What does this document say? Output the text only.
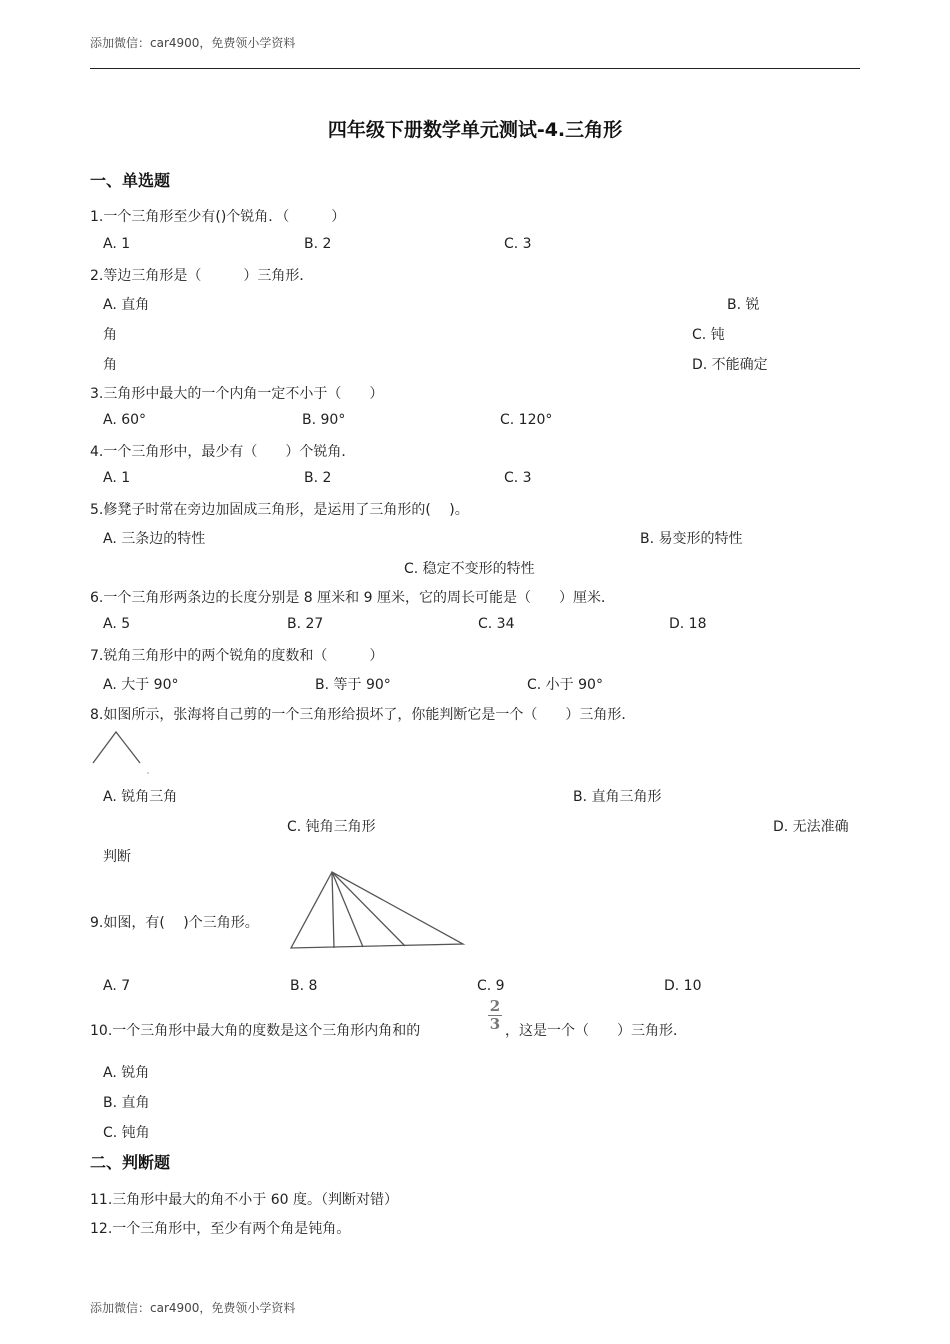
添加微信：car4900，免费领小学资料
四年级下册数学单元测试-4.三角形
一、单选题
1.一个三角形至少有()个锐角．（　　　）
A. 1	B. 2	C. 3
2.等边三角形是（　　　）三角形．
A. 直角	B. 锐
角	C. 钝
角	D. 不能确定
3.三角形中最大的一个内角一定不小于（　　）
A. 60°	B. 90°	C. 120°
4.一个三角形中，最少有（　　）个锐角．
A. 1	B. 2	C. 3
5.修凳子时常在旁边加固成三角形，是运用了三角形的(　 )。
A. 三条边的特性	B. 易变形的特性
C. 稳定不变形的特性
6.一个三角形两条边的长度分别是 8 厘米和 9 厘米，它的周长可能是（　　）厘米．
A. 5	B. 27	C. 34	D. 18
7.锐角三角形中的两个锐角的度数和（　　　）
A. 大于 90°	B. 等于 90°	C. 小于 90°
8.如图所示，张海将自己剪的一个三角形给损坏了，你能判断它是一个（　　）三角形．
A. 锐角三角	B. 直角三角形
C. 钝角三角形	D. 无法准确
判断
9.如图，有(　 )个三角形。
A. 7	B. 8	C. 9	D. 10
10.一个三角形中最大角的度数是这个三角形内角和的
2
3 ，这是一个（　　）三角形．
A. 锐角
B. 直角
C. 钝角
二、判断题
11.三角形中最大的角不小于 60 度。（判断对错）
12.一个三角形中，至少有两个角是钝角。
添加微信：car4900，免费领小学资料
